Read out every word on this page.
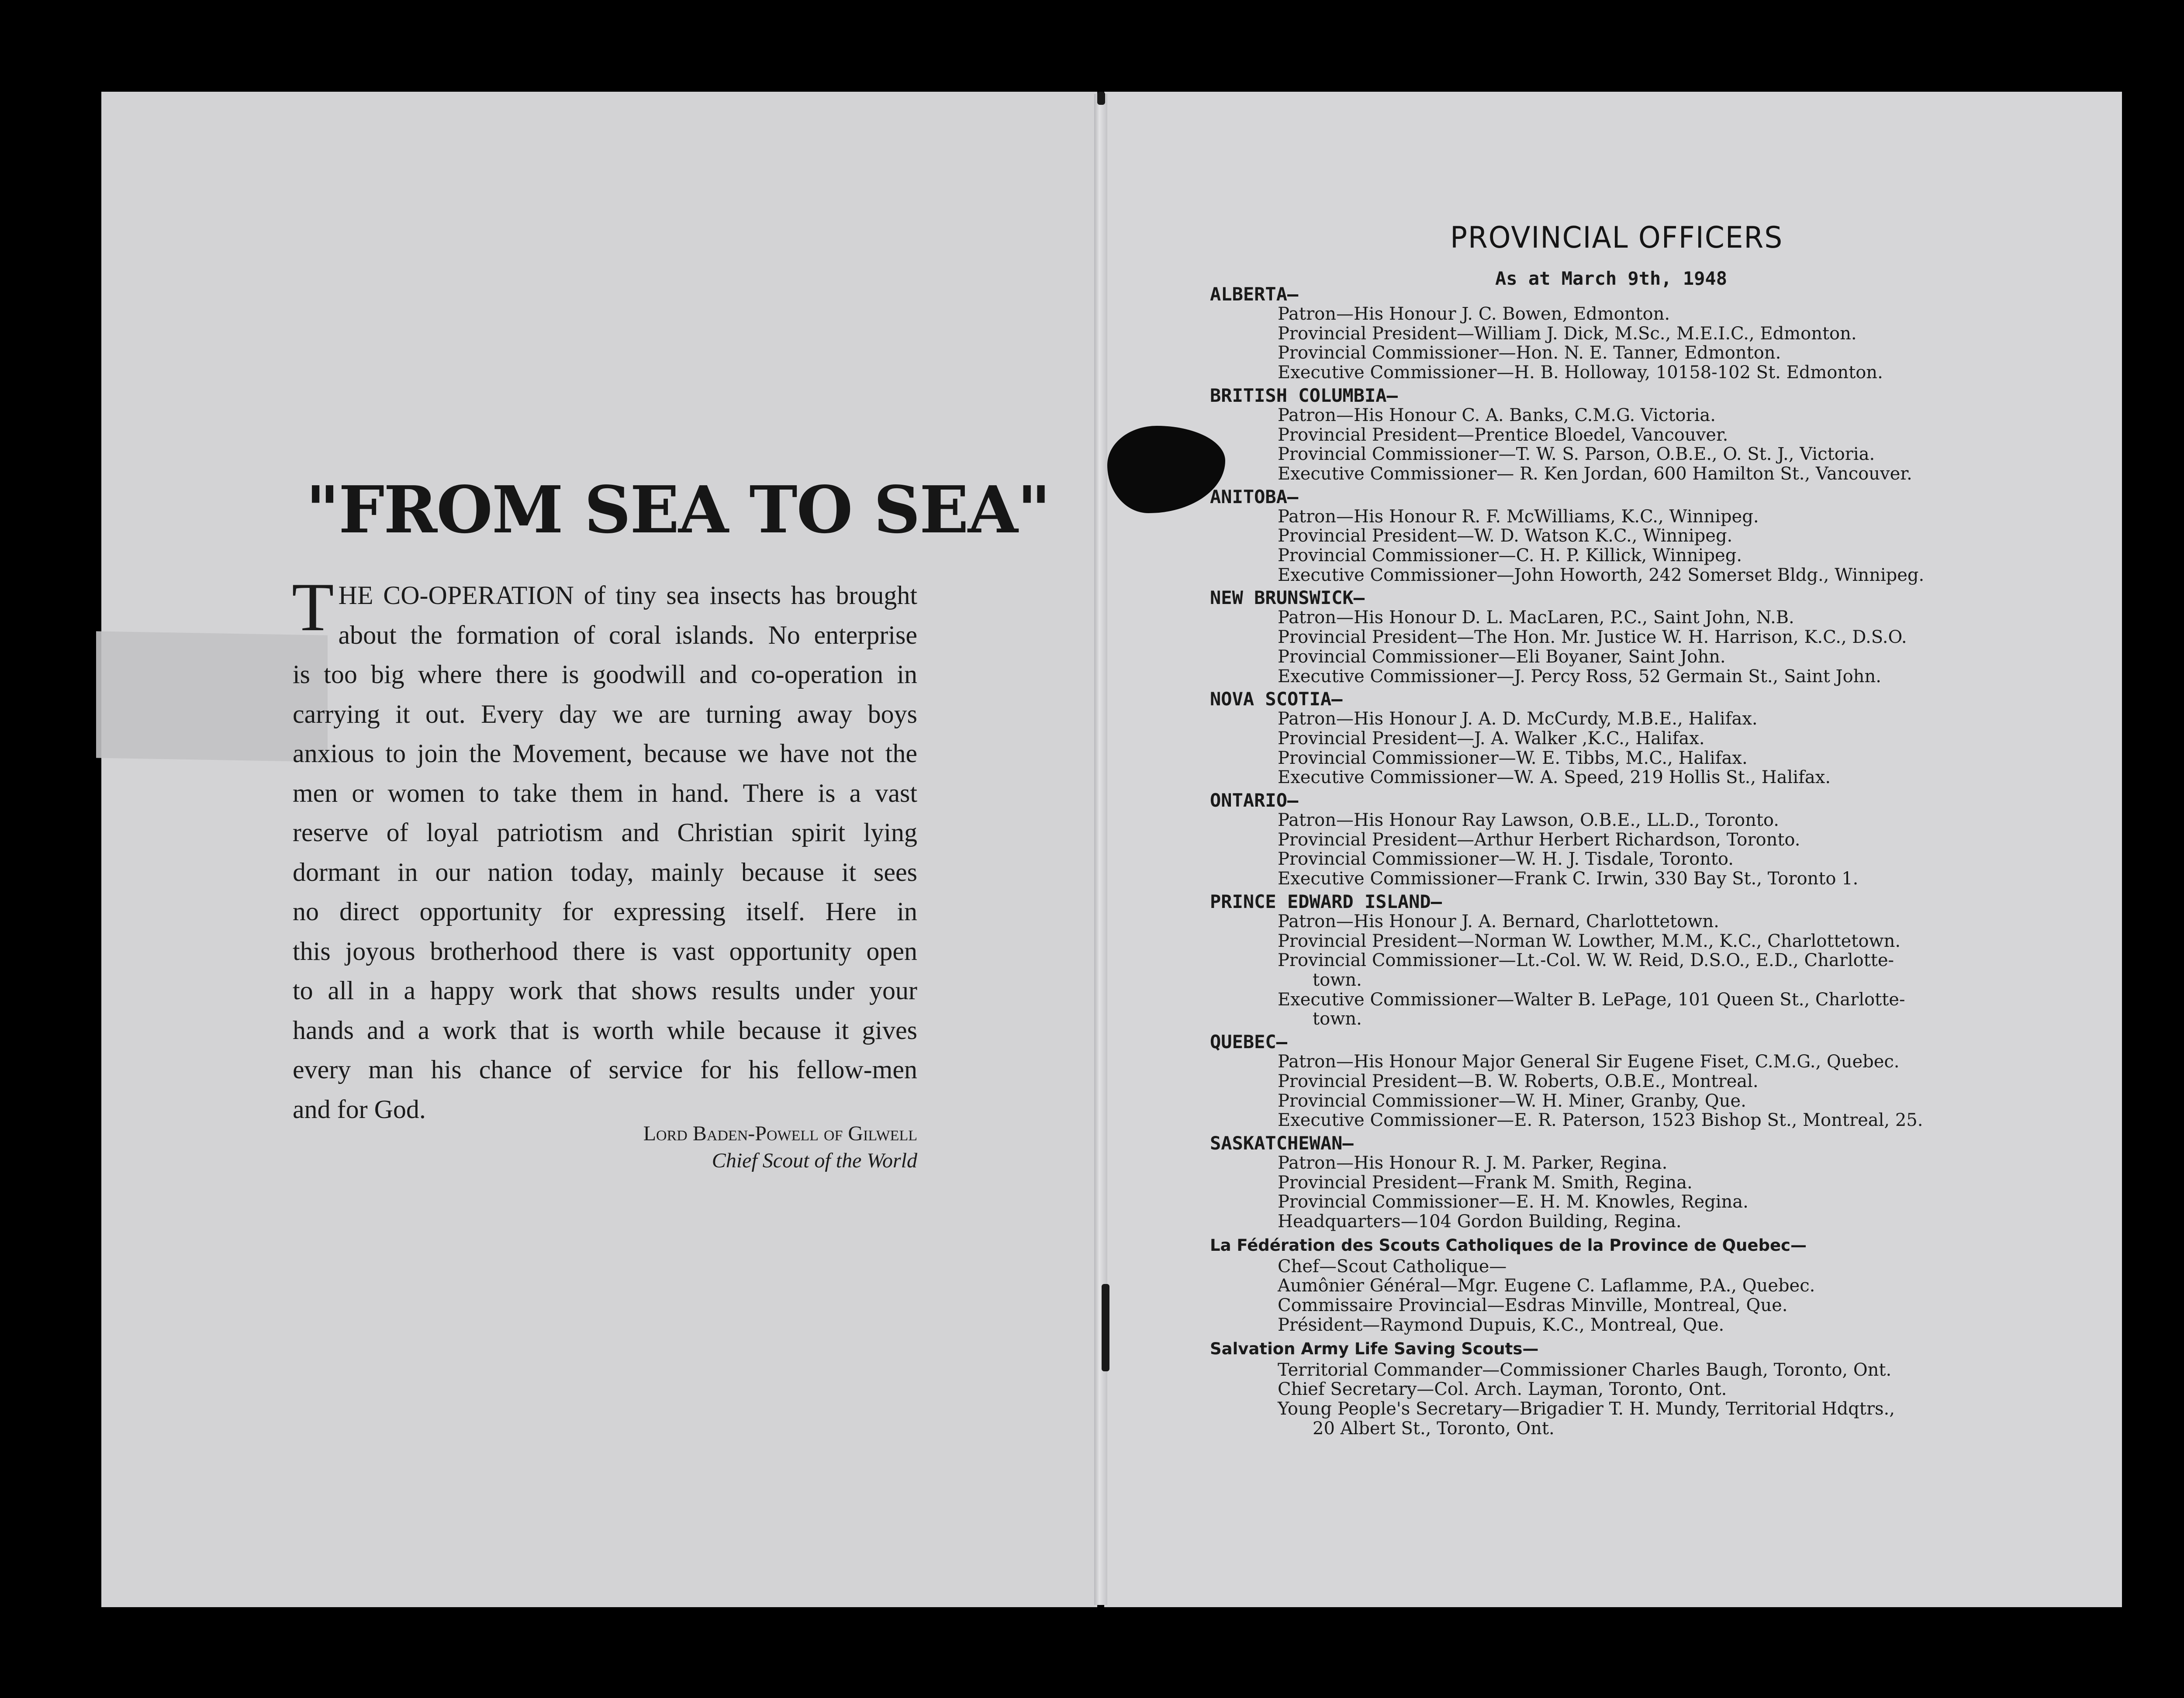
"FROM SEA TO SEA"
T HE CO-OPERATION of tiny sea insects has brought
about the formation of coral islands. No enterprise
is too big where there is goodwill and co-operation in
carrying it out. Every day we are turning away boys
anxious to join the Movement, because we have not the
men or women to take them in hand. There is a vast
reserve of loyal patriotism and Christian spirit lying
dormant in our nation today, mainly because it sees
no direct opportunity for expressing itself. Here in
this joyous brotherhood there is vast opportunity open
to all in a happy work that shows results under your
hands and a work that is worth while because it gives
every man his chance of service for his fellow-men
and for God.
Lord Baden-Powell of Gilwell
Chief Scout of the World
PROVINCIAL OFFICERS
As at March 9th, 1948
ALBERTA—
Patron—His Honour J. C. Bowen, Edmonton.
Provincial President—William J. Dick, M.Sc., M.E.I.C., Edmonton.
Provincial Commissioner—Hon. N. E. Tanner, Edmonton.
Executive Commissioner—H. B. Holloway, 10158-102 St. Edmonton.
BRITISH COLUMBIA—
Patron—His Honour C. A. Banks, C.M.G. Victoria.
Provincial President—Prentice Bloedel, Vancouver.
Provincial Commissioner—T. W. S. Parson, O.B.E., O. St. J., Victoria.
Executive Commissioner— R. Ken Jordan, 600 Hamilton St., Vancouver.
ANITOBA—
Patron—His Honour R. F. McWilliams, K.C., Winnipeg.
Provincial President—W. D. Watson K.C., Winnipeg.
Provincial Commissioner—C. H. P. Killick, Winnipeg.
Executive Commissioner—John Howorth, 242 Somerset Bldg., Winnipeg.
NEW BRUNSWICK—
Patron—His Honour D. L. MacLaren, P.C., Saint John, N.B.
Provincial President—The Hon. Mr. Justice W. H. Harrison, K.C., D.S.O.
Provincial Commissioner—Eli Boyaner, Saint John.
Executive Commissioner—J. Percy Ross, 52 Germain St., Saint John.
NOVA SCOTIA—
Patron—His Honour J. A. D. McCurdy, M.B.E., Halifax.
Provincial President—J. A. Walker ,K.C., Halifax.
Provincial Commissioner—W. E. Tibbs, M.C., Halifax.
Executive Commissioner—W. A. Speed, 219 Hollis St., Halifax.
ONTARIO—
Patron—His Honour Ray Lawson, O.B.E., LL.D., Toronto.
Provincial President—Arthur Herbert Richardson, Toronto.
Provincial Commissioner—W. H. J. Tisdale, Toronto.
Executive Commissioner—Frank C. Irwin, 330 Bay St., Toronto 1.
PRINCE EDWARD ISLAND—
Patron—His Honour J. A. Bernard, Charlottetown.
Provincial President—Norman W. Lowther, M.M., K.C., Charlottetown.
Provincial Commissioner—Lt.-Col. W. W. Reid, D.S.O., E.D., Charlotte-
town.
Executive Commissioner—Walter B. LePage, 101 Queen St., Charlotte-
town.
QUEBEC—
Patron—His Honour Major General Sir Eugene Fiset, C.M.G., Quebec.
Provincial President—B. W. Roberts, O.B.E., Montreal.
Provincial Commissioner—W. H. Miner, Granby, Que.
Executive Commissioner—E. R. Paterson, 1523 Bishop St., Montreal, 25.
SASKATCHEWAN—
Patron—His Honour R. J. M. Parker, Regina.
Provincial President—Frank M. Smith, Regina.
Provincial Commissioner—E. H. M. Knowles, Regina.
Headquarters—104 Gordon Building, Regina.
La Fédération des Scouts Catholiques de la Province de Quebec—
Chef—Scout Catholique—
Aumônier Général—Mgr. Eugene C. Laflamme, P.A., Quebec.
Commissaire Provincial—Esdras Minville, Montreal, Que.
Président—Raymond Dupuis, K.C., Montreal, Que.
Salvation Army Life Saving Scouts—
Territorial Commander—Commissioner Charles Baugh, Toronto, Ont.
Chief Secretary—Col. Arch. Layman, Toronto, Ont.
Young People's Secretary—Brigadier T. H. Mundy, Territorial Hdqtrs.,
20 Albert St., Toronto, Ont.
